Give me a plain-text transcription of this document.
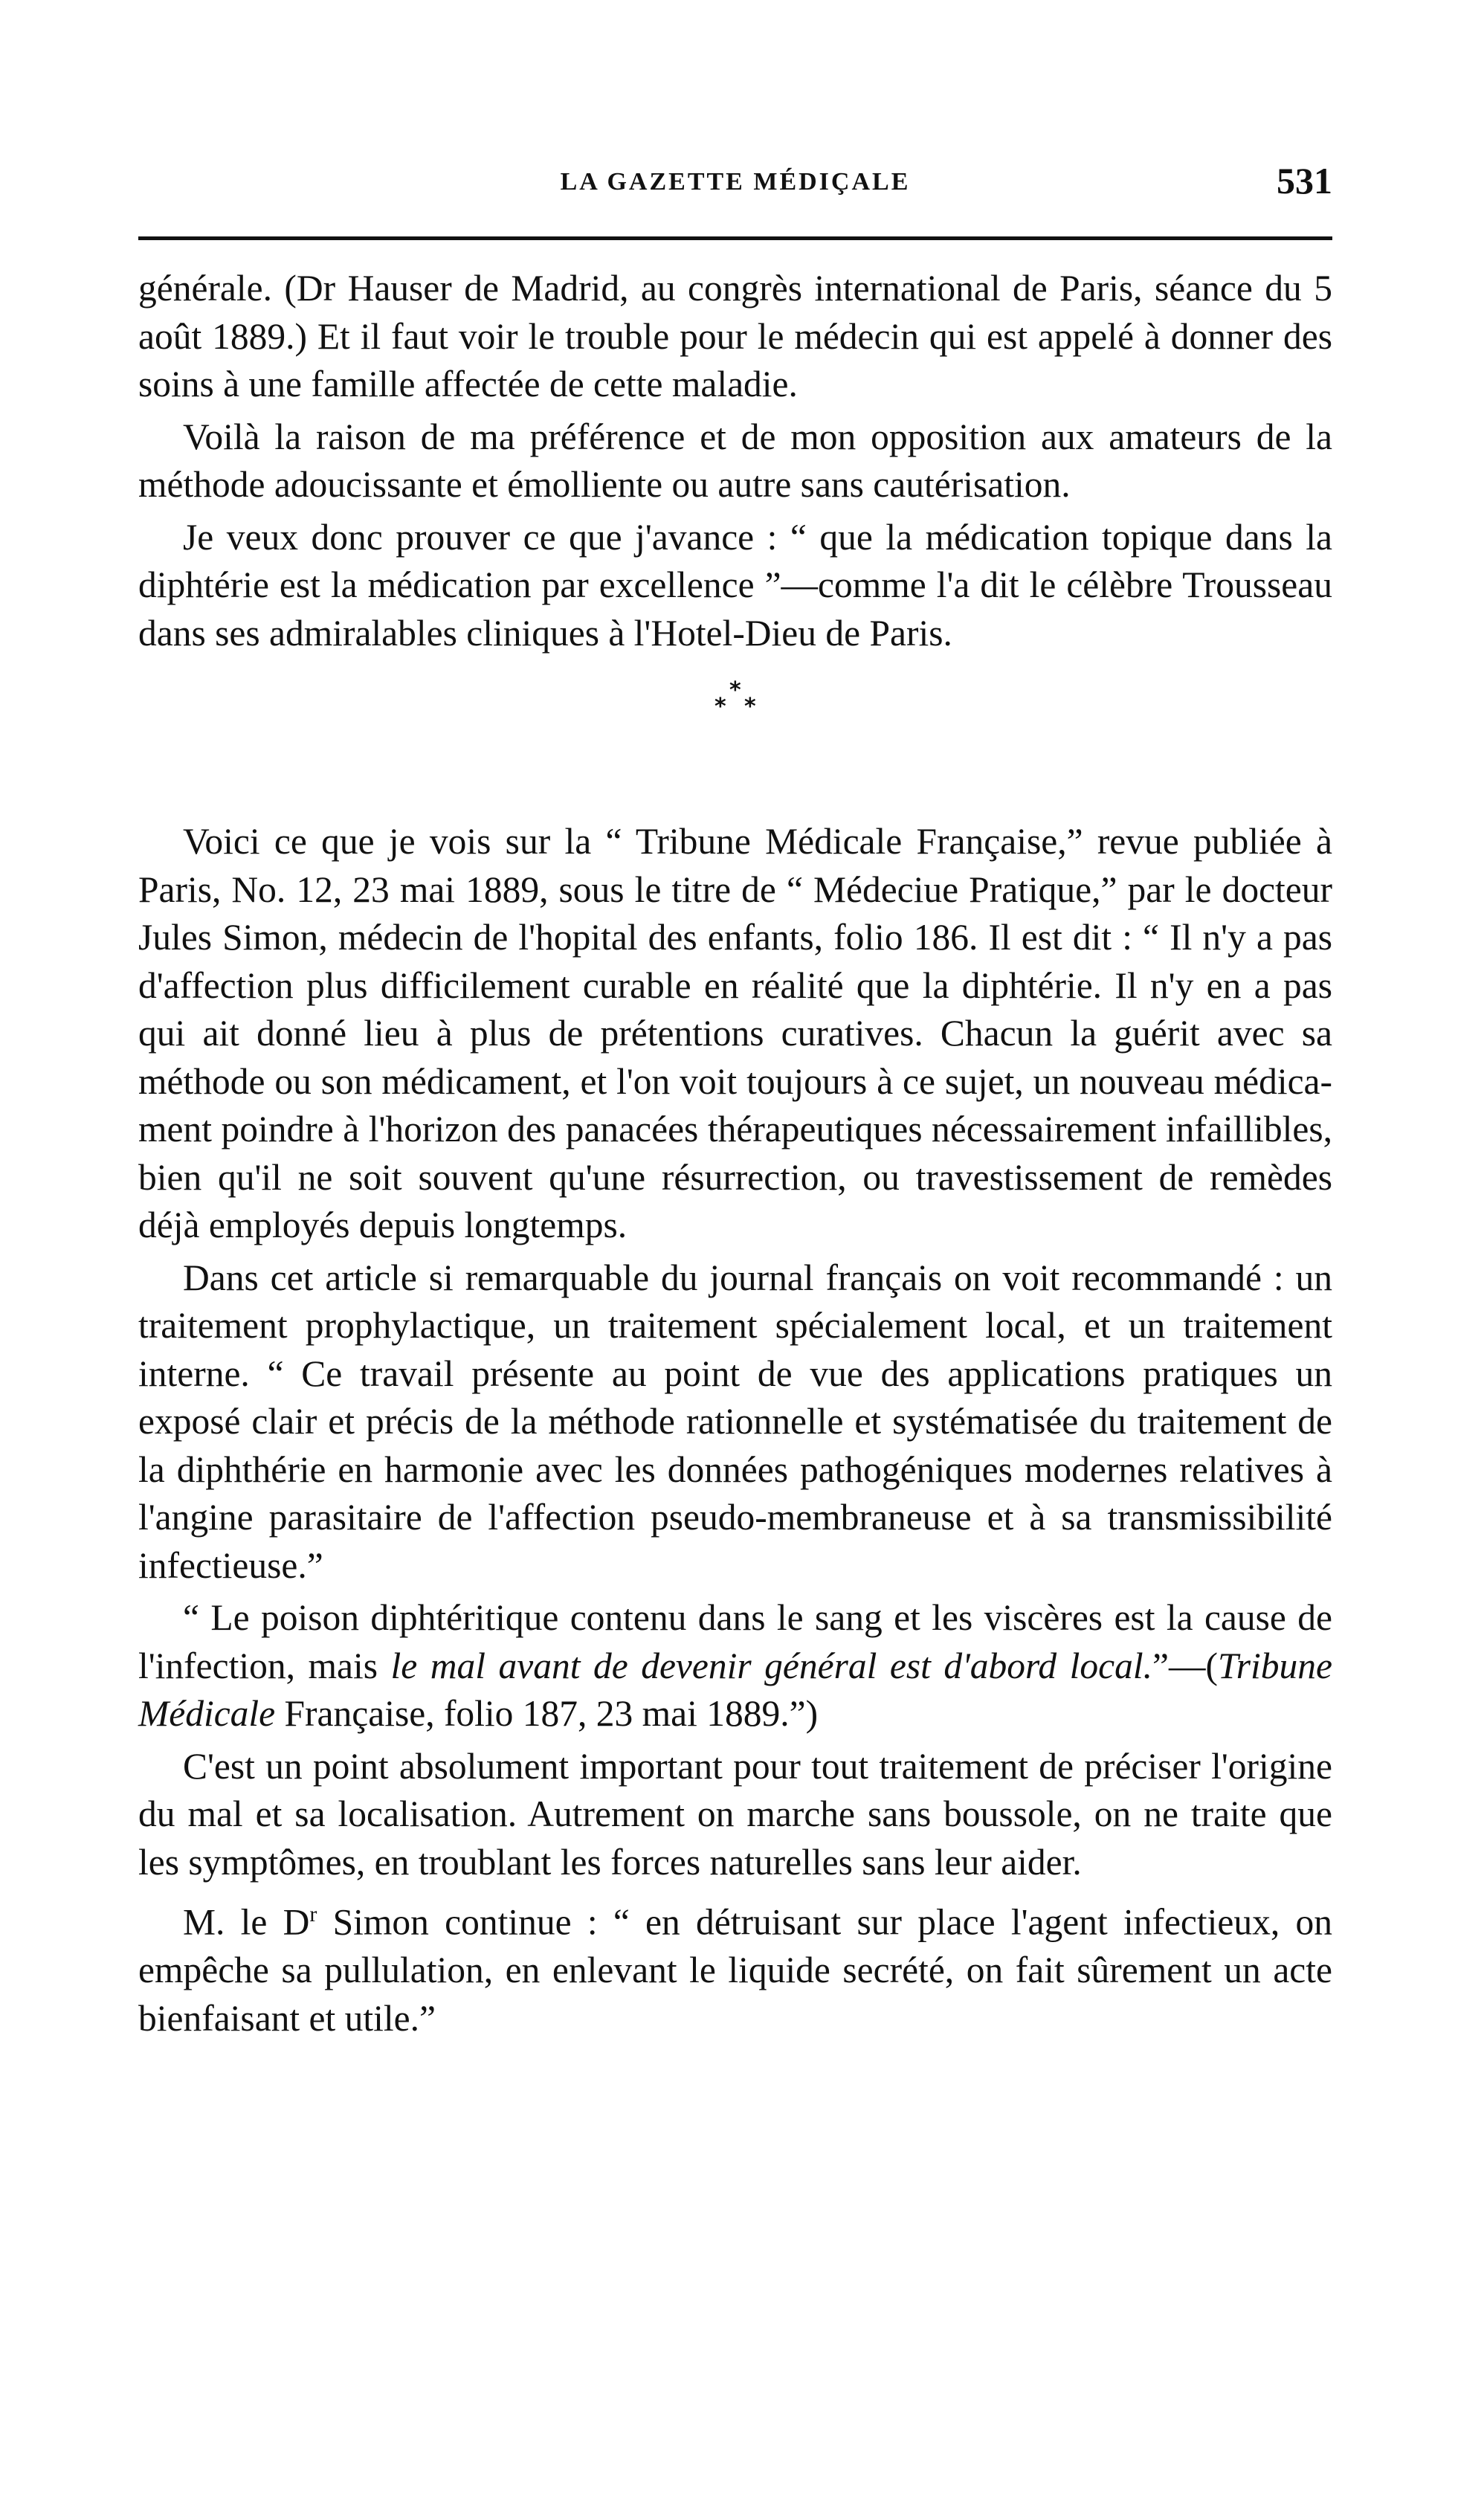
LA GAZETTE MÉDIÇALE	531

générale. (Dr Hauser de Madrid, au congrès international de Paris, séance du 5 août 1889.) Et il faut voir le trouble pour le médecin qui est appelé à donner des soins à une famille affectée de cette maladie.

Voilà la raison de ma préférence et de mon opposition aux amateurs de la méthode adoucissante et émolliente ou autre sans cautérisation.

Je veux donc prouver ce que j'avance : “ que la médication topique dans la diphtérie est la médication par excellence ”—comme l'a dit le célèbre Trousseau dans ses admiralables cliniques à l'Hotel-Dieu de Paris.

*
* *

Voici ce que je vois sur la “ Tribune Médicale Française,” revue publiée à Paris, No. 12, 23 mai 1889, sous le titre de “ Médeciue Pratique,” par le docteur Jules Simon, médecin de l'hopital des enfants, folio 186. Il est dit : “ Il n'y a pas d'affection plus difficilement curable en réalité que la diphtérie. Il n'y en a pas qui ait donné lieu à plus de prétentions curatives. Chacun la guérit avec sa méthode ou son médicament, et l'on voit toujours à ce sujet, un nouveau médicament poindre à l'horizon des panacées thérapeutiques nécessairement infaillibles, bien qu'il ne soit souvent qu'une résurrection, ou travestissement de remèdes déjà employés depuis longtemps.

Dans cet article si remarquable du journal français on voit recommandé : un traitement prophylactique, un traitement spécialement local, et un traitement interne. “ Ce travail présente au point de vue des applications pratiques un exposé clair et précis de la méthode rationnelle et systématisée du traitement de la diphthérie en harmonie avec les données pathogéniques modernes relatives à l'angine parasitaire de l'affection pseudo-membraneuse et à sa transmissibilité infectieuse.”

“ Le poison diphtéritique contenu dans le sang et les viscères est la cause de l'infection, mais le mal avant de devenir général est d'abord local.”—(Tribune Médicale Française, folio 187, 23 mai 1889.”)

C'est un point absolument important pour tout traitement de préciser l'origine du mal et sa localisation. Autrement on marche sans boussole, on ne traite que les symptômes, en troublant les forces naturelles sans leur aider.

M. le $D^r$ Simon continue : “ en détruisant sur place l'agent infectieux, on empêche sa pullulation, en enlevant le liquide secrété, on fait sûrement un acte bienfaisant et utile.”
